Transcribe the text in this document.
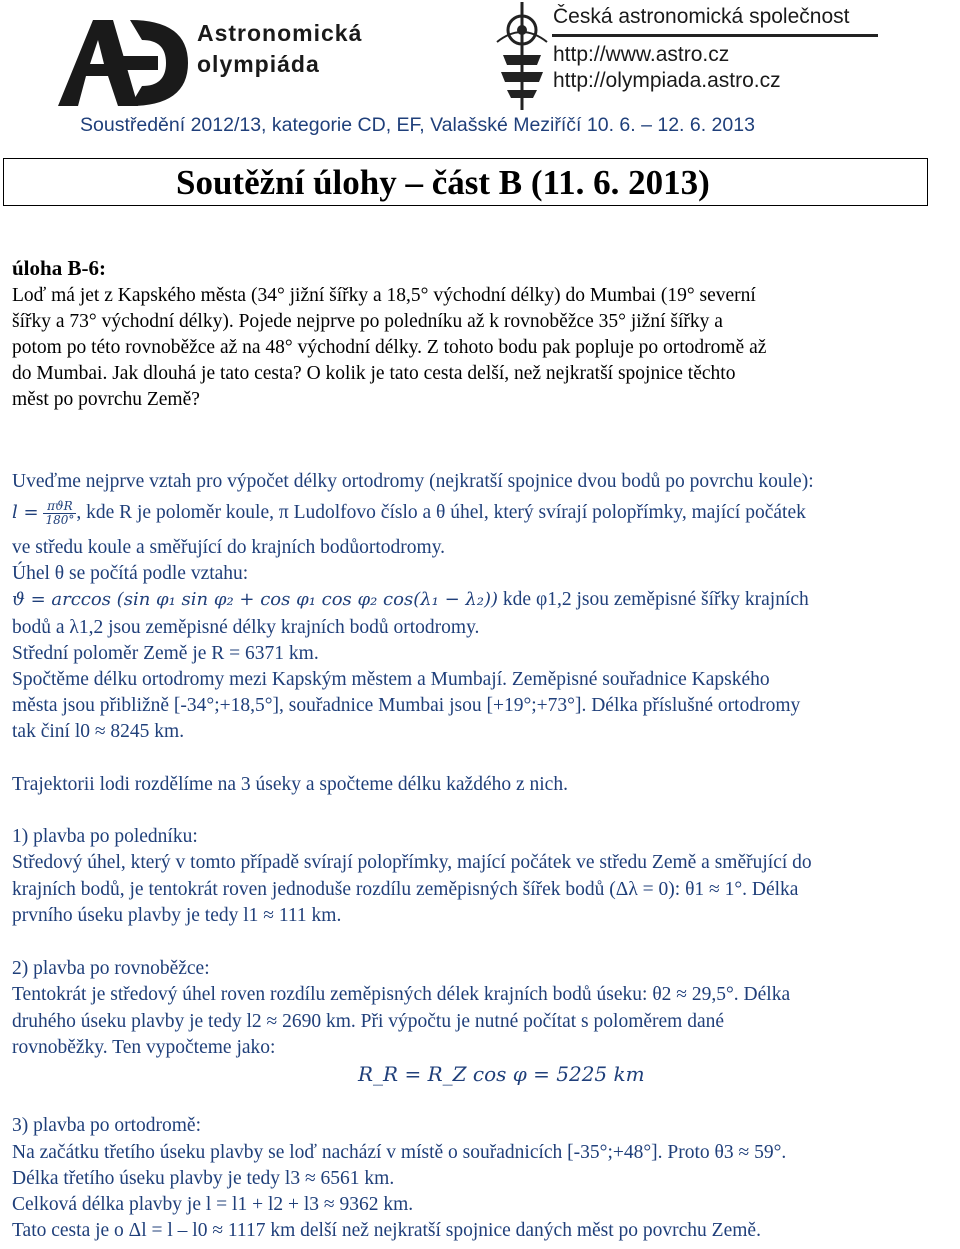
Astronomická
olympiáda
Česká astronomická společnost
http://www.astro.cz
http://olympiada.astro.cz
Soustředění 2012/13, kategorie CD, EF, Valašské Meziříčí 10. 6. – 12. 6. 2013
Soutěžní úlohy – část B (11. 6. 2013)
úloha B-6:
Loď má jet z Kapského města (34° jižní šířky a 18,5° východní délky) do Mumbai (19° severní
šířky a 73° východní délky). Pojede nejprve po poledníku až k rovnoběžce 35° jižní šířky a
potom po této rovnoběžce až na 48° východní délky. Z tohoto bodu pak popluje po ortodromě až
do Mumbai. Jak dlouhá je tato cesta? O kolik je tato cesta delší, než nejkratší spojnice těchto
měst po povrchu Země?
Uveďme nejprve vztah pro výpočet délky ortodromy (nejkratší spojnice dvou bodů po povrchu koule):
$l = \frac{\text{πϑR}}{180^\circ}$ , kde R je poloměr koule, π Ludolfovo číslo a θ úhel, který svírají polopřímky, mající počátek
ve středu koule a směřující do krajních bodůortodromy.
Úhel θ se počítá podle vztahu:
ϑ = arccos (sin φ₁ sin φ₂ + cos φ₁ cos φ₂ cos(λ₁ − λ₂)) kde φ1,2 jsou zeměpisné šířky krajních
bodů a λ1,2 jsou zeměpisné délky krajních bodů ortodromy.
Střední poloměr Země je R = 6371 km.
Spočtěme délku ortodromy mezi Kapským městem a Mumbají. Zeměpisné souřadnice Kapského
města jsou přibližně [-34°;+18,5°], souřadnice Mumbai jsou [+19°;+73°]. Délka příslušné ortodromy
tak činí l0 ≈ 8245 km.
Trajektorii lodi rozdělíme na 3 úseky a spočteme délku každého z nich.
1) plavba po poledníku:
Středový úhel, který v tomto případě svírají polopřímky, mající počátek ve středu Země a směřující do
krajních bodů, je tentokrát roven jednoduše rozdílu zeměpisných šířek bodů (Δλ = 0): θ1 ≈ 1°. Délka
prvního úseku plavby je tedy l1 ≈ 111 km.
2) plavba po rovnoběžce:
Tentokrát je středový úhel roven rozdílu zeměpisných délek krajních bodů úseku: θ2 ≈ 29,5°. Délka
druhého úseku plavby je tedy l2 ≈ 2690 km. Při výpočtu je nutné počítat s poloměrem dané
rovnoběžky. Ten vypočteme jako:
R_R = R_Z cos φ = 5225 km
3) plavba po ortodromě:
Na začátku třetího úseku plavby se loď nachází v místě o souřadnicích [-35°;+48°]. Proto θ3 ≈ 59°.
Délka třetího úseku plavby je tedy l3 ≈ 6561 km.
Celková délka plavby je l = l1 + l2 + l3 ≈ 9362 km.
Tato cesta je o Δl = l – l0 ≈ 1117 km delší než nejkratší spojnice daných měst po povrchu Země.
